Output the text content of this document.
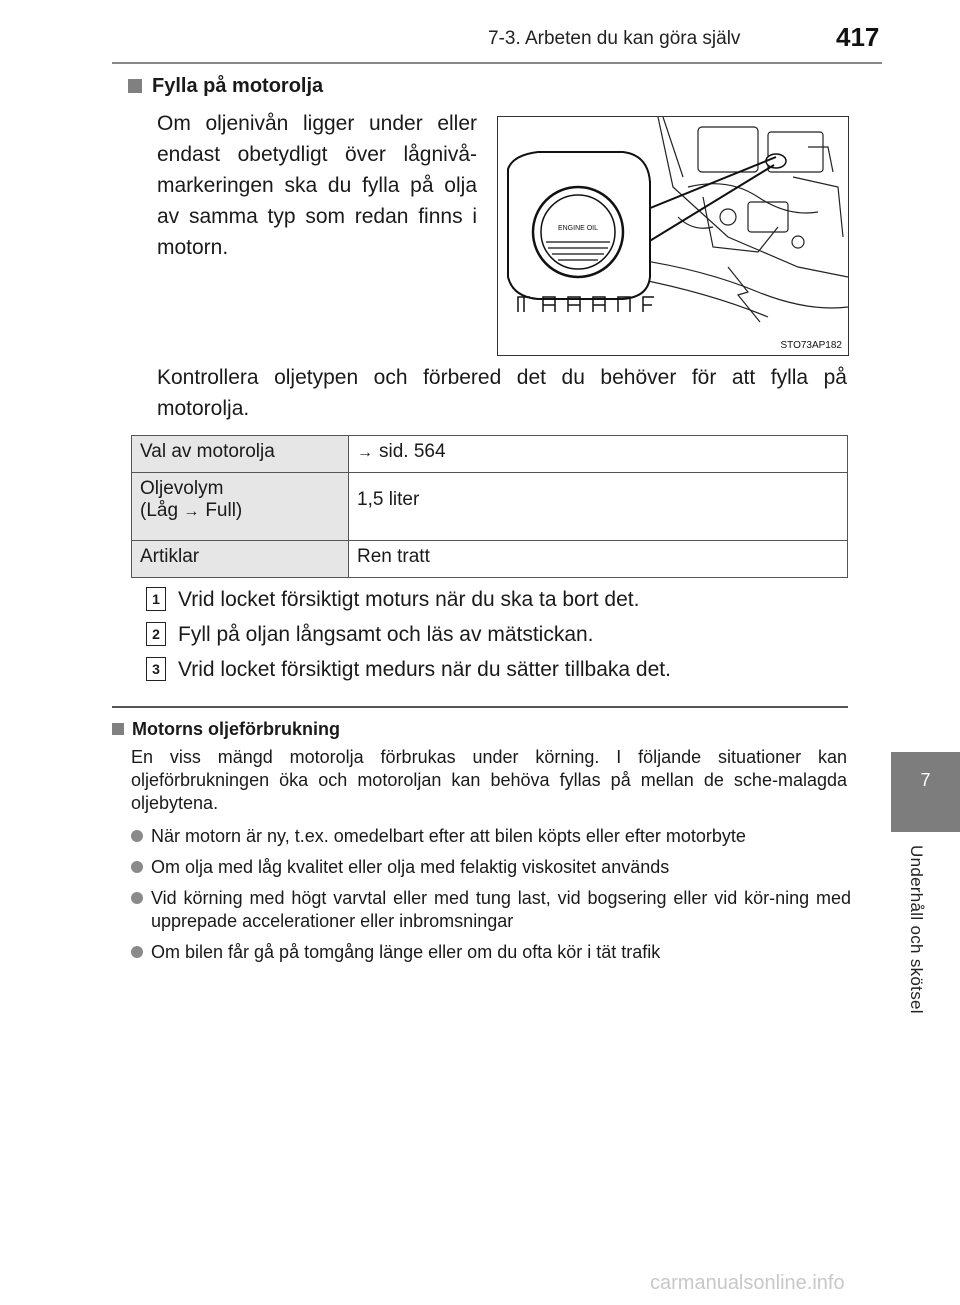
7-3. Arbeten du kan göra själv	417
7
Underhåll och skötsel
Fylla på motorolja
Om oljenivån ligger under eller endast obetydligt över lågnivå-markeringen ska du fylla på olja av samma typ som redan finns i motorn.
ENGINE OIL
STO73AP182
Kontrollera oljetypen och förbered det du behöver för att fylla på motorolja.
Val av motorolja	→ sid. 564
Oljevolym
(Låg → Full)	1,5 liter
Artiklar	Ren tratt
1 Vrid locket försiktigt moturs när du ska ta bort det.
2 Fyll på oljan långsamt och läs av mätstickan.
3 Vrid locket försiktigt medurs när du sätter tillbaka det.
Motorns oljeförbrukning
En viss mängd motorolja förbrukas under körning. I följande situationer kan oljeförbrukningen öka och motoroljan kan behöva fyllas på mellan de sche-malagda oljebytena.
När motorn är ny, t.ex. omedelbart efter att bilen köpts eller efter motorbyte
Om olja med låg kvalitet eller olja med felaktig viskositet används
Vid körning med högt varvtal eller med tung last, vid bogsering eller vid kör-ning med upprepade accelerationer eller inbromsningar
Om bilen får gå på tomgång länge eller om du ofta kör i tät trafik
carmanualsonline.info
